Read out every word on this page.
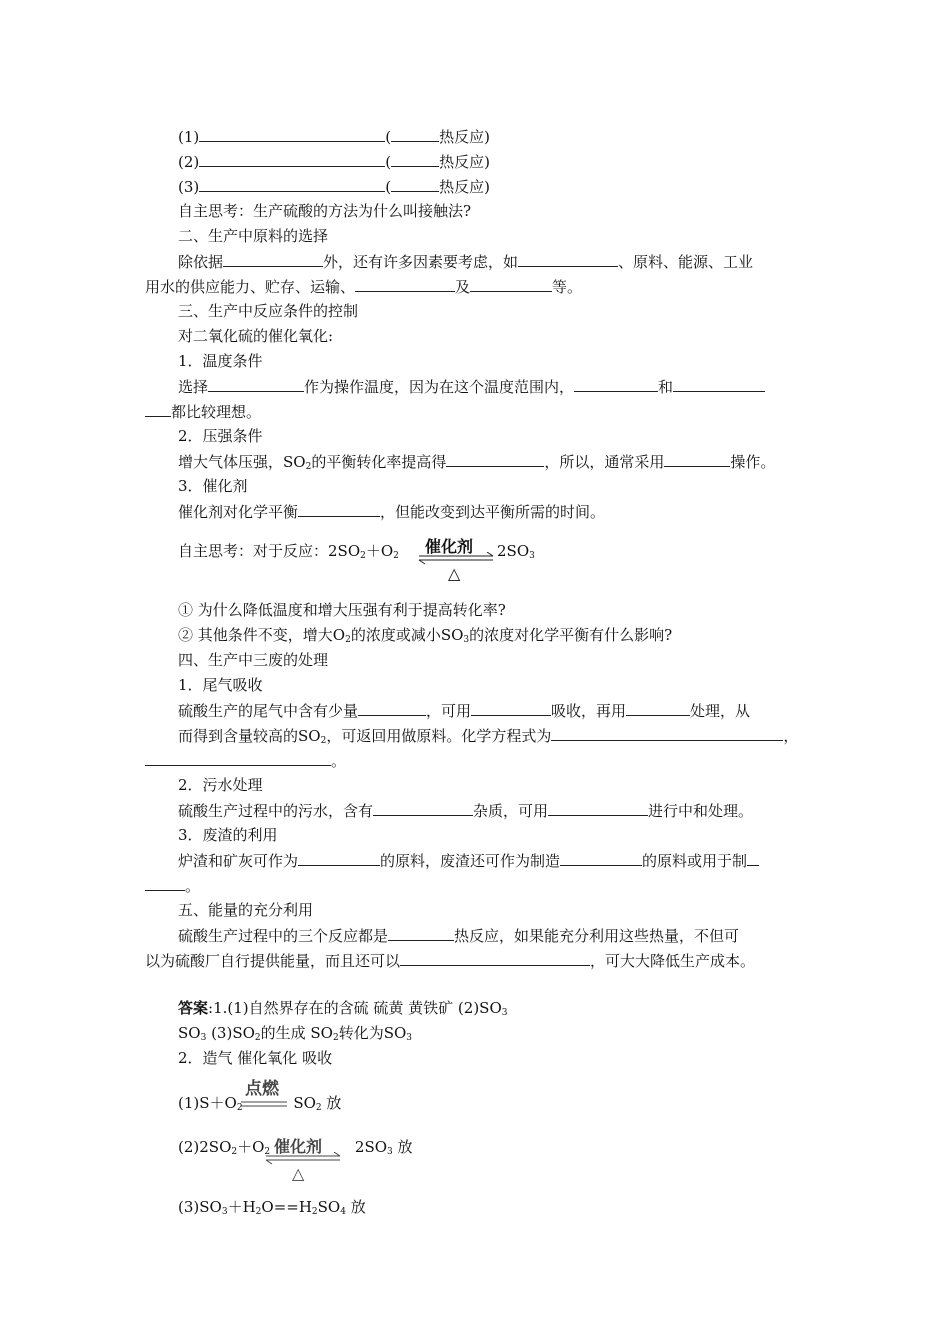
(1)	(	热反应)
(2)	(	热反应)
(3)	(	热反应)
自主思考：生产硫酸的方法为什么叫接触法?
二、生产中原料的选择
除依据	外，还有许多因素要考虑，如	、原料、能源、工业
用水的供应能力、贮存、运输、	及	等。
三、生产中反应条件的控制
对二氧化硫的催化氧化:
1．温度条件
选择	作为操作温度，因为在这个温度范围内，	和
都比较理想。
2．压强条件
增大气体压强，$SO_2$的平衡转化率提高得	，所以，通常采用	操作。
3．催化剂
催化剂对化学平衡	，但能改变到达平衡所需的时间。
自主思考：对于反应：$2SO_2+O_2$ 催化剂
△
$2SO_3$
① 为什么降低温度和增大压强有利于提高转化率?
② 其他条件不变，增大$O_2$的浓度或减小$SO_3$的浓度对化学平衡有什么影响?
四、生产中三废的处理
1．尾气吸收
硫酸生产的尾气中含有少量	，可用	吸收，再用	处理，从
而得到含量较高的$SO_2$，可返回用做原料。化学方程式为	，
。
2．污水处理
硫酸生产过程中的污水，含有	杂质，可用	进行中和处理。
3．废渣的利用
炉渣和矿灰可作为	的原料，废渣还可作为制造	的原料或用于制
。
五、能量的充分利用
硫酸生产过程中的三个反应都是	热反应，如果能充分利用这些热量，不但可
以为硫酸厂自行提供能量，而且还可以	，可大大降低生产成本。
答案:1.(1)自然界存在的含硫 硫黄 黄铁矿 $(2)SO_3$
$SO_3$ $(3)SO_2$的生成 $SO_2$转化为$SO_3$
2．造气 催化氧化 吸收
$(1)S+O_2$	$SO_2$ 放
点燃
$(2)2SO_2+O_2$	$2SO_3$ 放
催化剂
△
$(3)SO_3+H_2O==H_2SO_4$ 放
